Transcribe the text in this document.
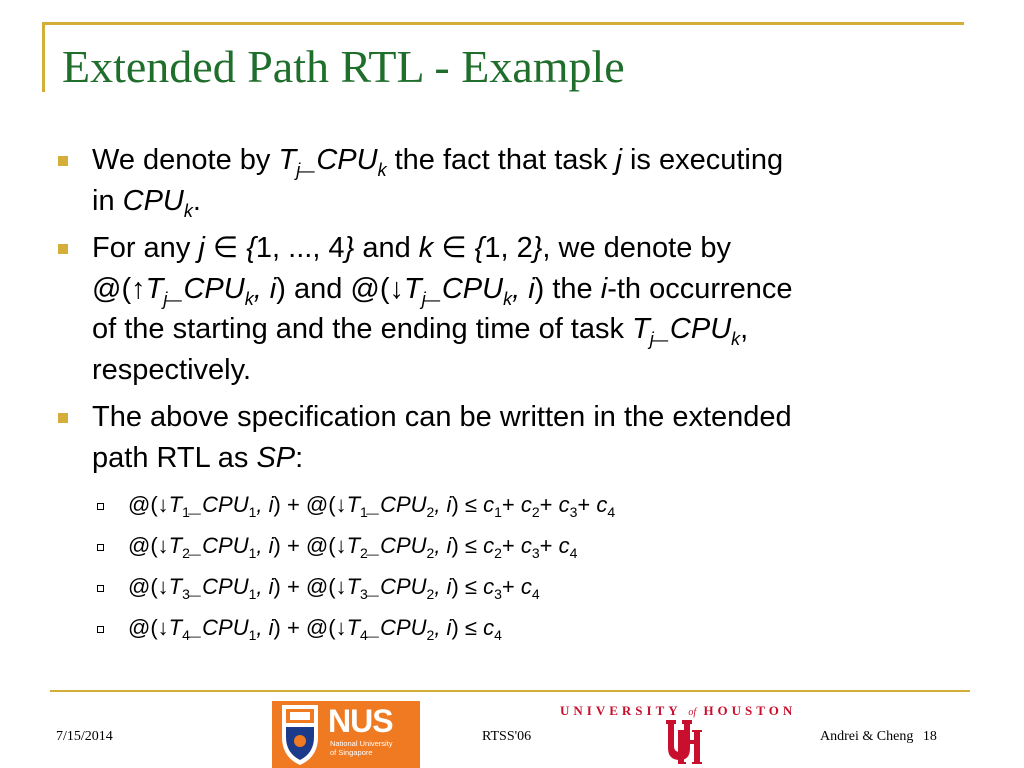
Extended Path RTL - Example
We denote by $T_j\_CPU_k$ the fact that task j is executing
in $CPU_k$.
For any j ∈ {1, ..., 4} and k ∈ {1, 2}, we denote by
$@(↑T_j\_CPU_k$, i) and $@(↓T_j\_CPU_k$, i) the i-th occurrence
of the starting and the ending time of task $T_j\_CPU_k$,
respectively.
The above specification can be written in the extended
path RTL as SP:
$@(↓T_1\_CPU_1$, $i) + @(↓T_1\_CPU_2$, $i) \le c_1+ c_2+ c_3+ c_4$
$@(↓T_2\_CPU_1$, $i) + @(↓T_2\_CPU_2$, $i) \le c_2+ c_3+ c_4$
$@(↓T_3\_CPU_1$, $i) + @(↓T_3\_CPU_2$, $i) \le c_3+ c_4$
$@(↓T_4\_CPU_1$, $i) + @(↓T_4\_CPU_2$, $i) \le c_4$
7/15/2014	NUS
National University
of Singapore
RTSS'06
UNIVERSITY of HOUSTON
Andrei & Cheng 18
